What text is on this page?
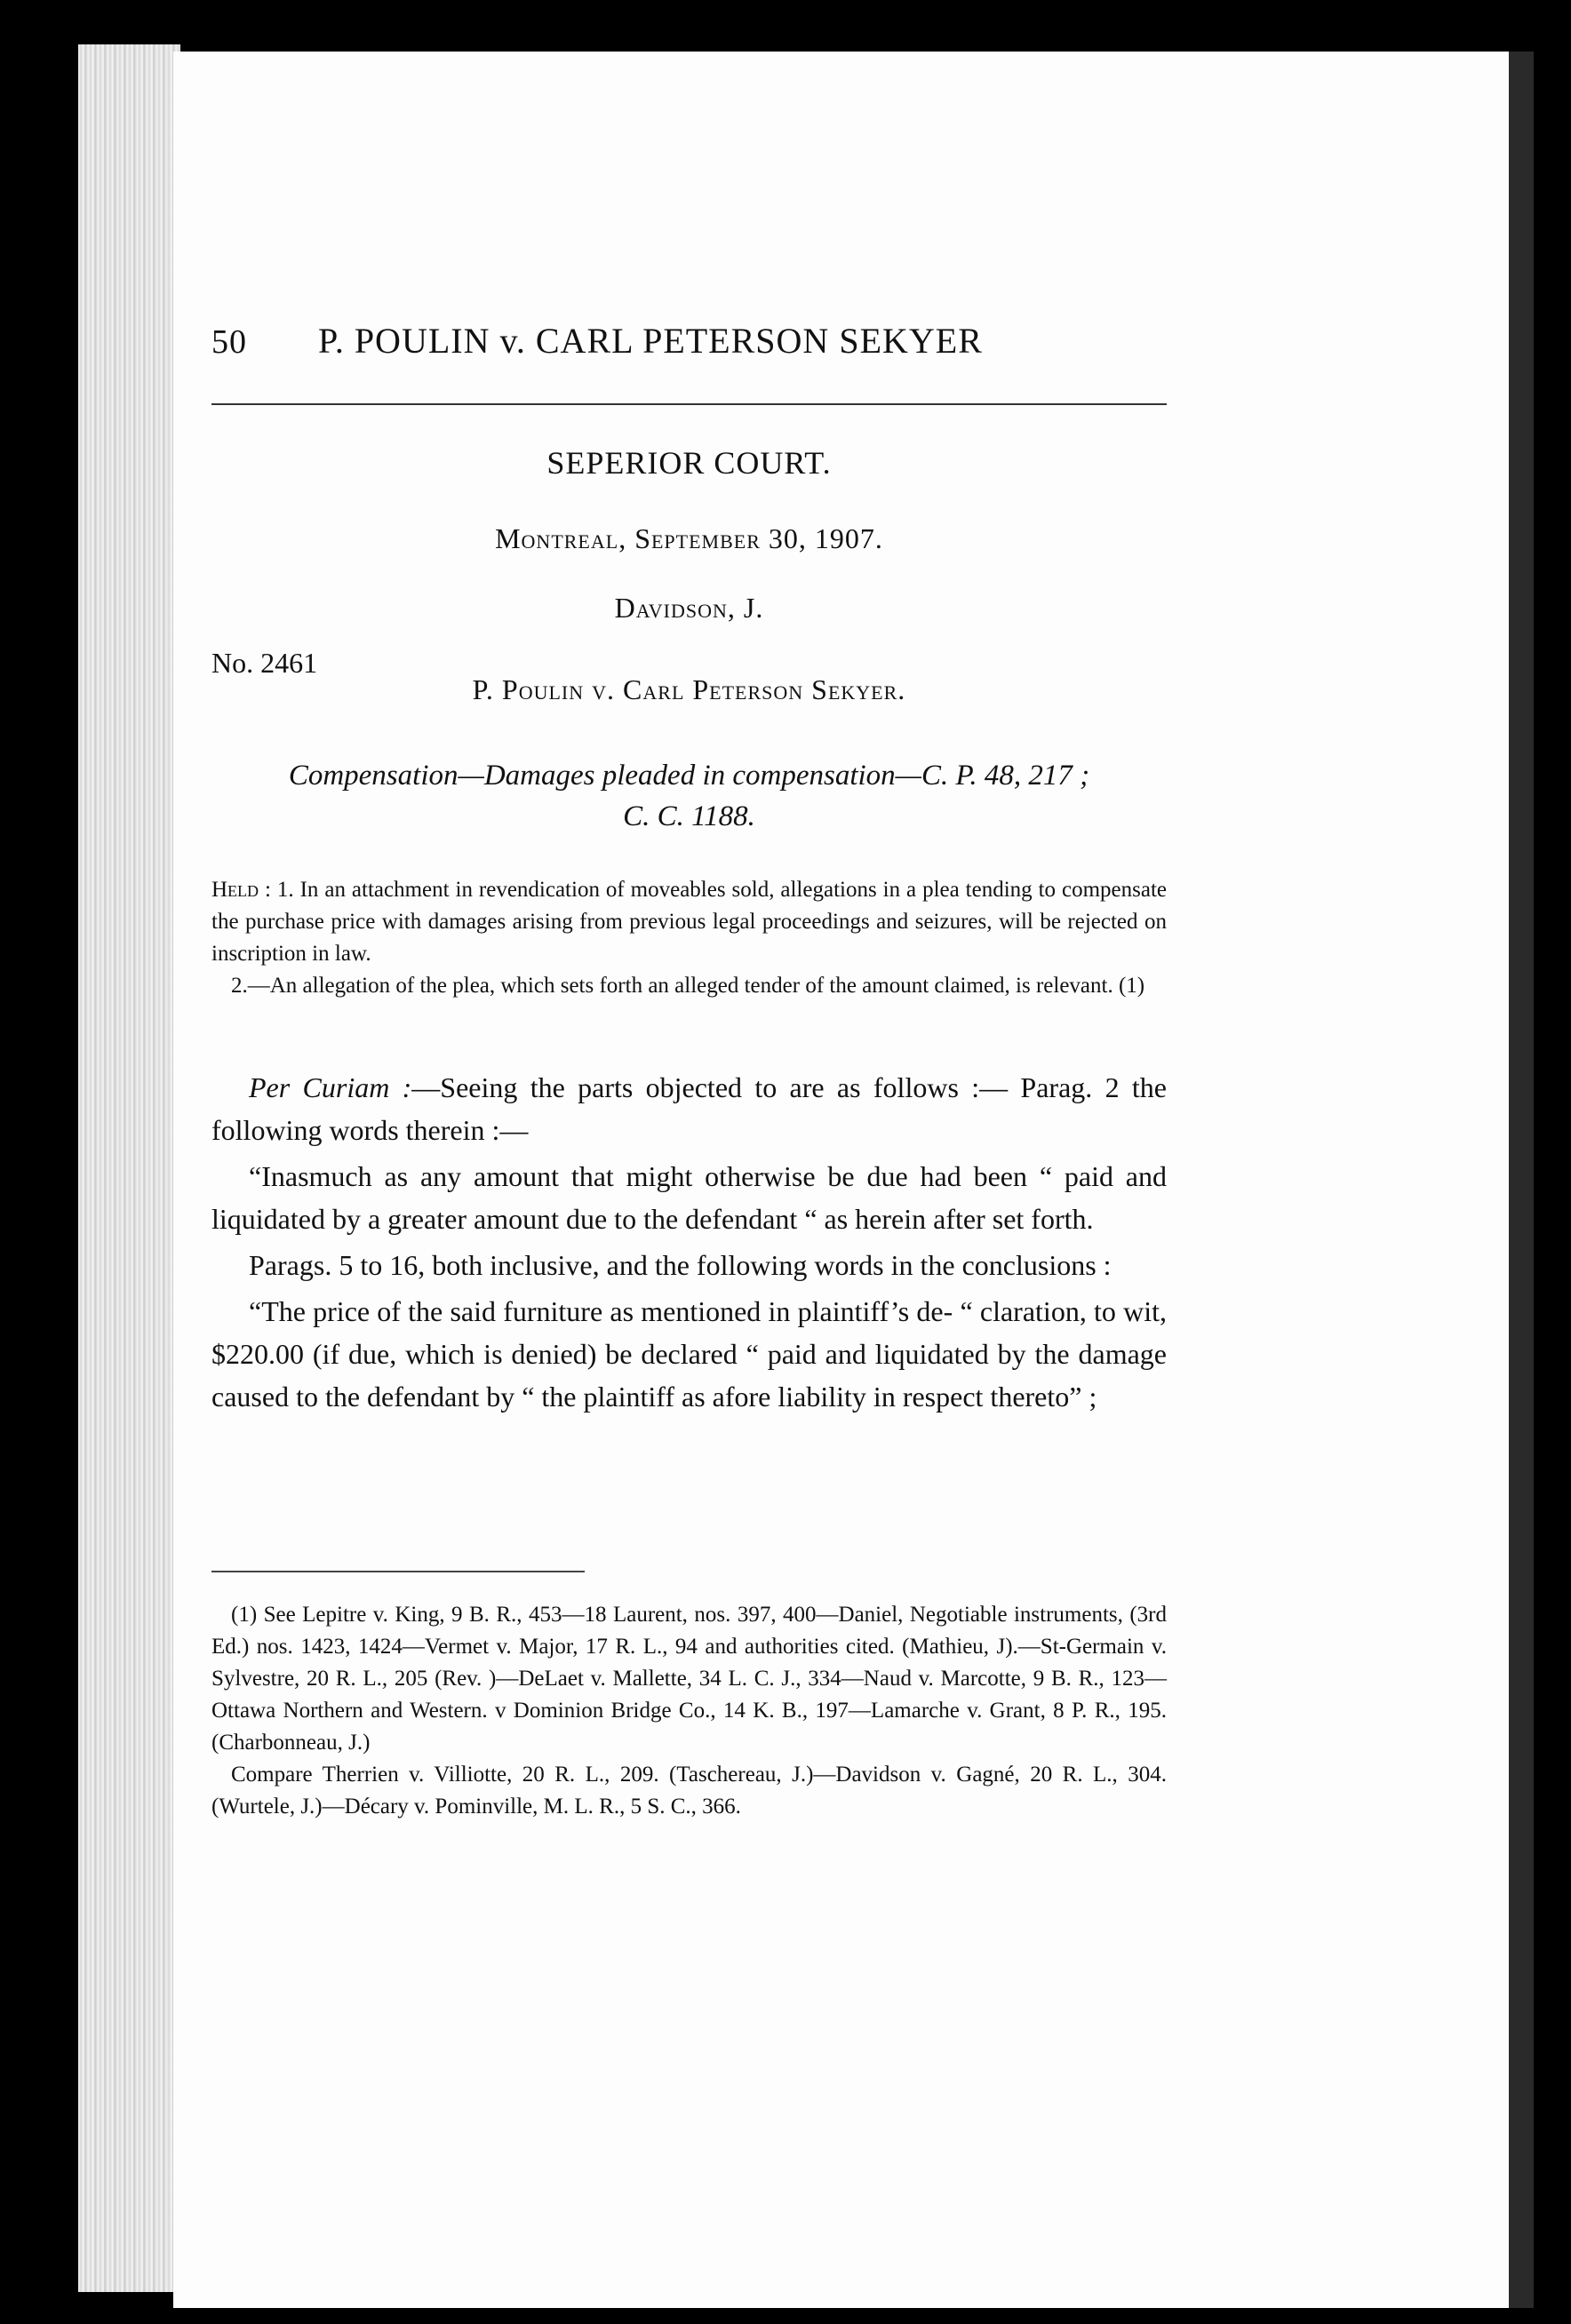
50	P. POULIN v. CARL PETERSON SEKYER
SEPERIOR COURT.
Montreal, September 30, 1907.
Davidson, J.
No. 2461
P. Poulin v. Carl Peterson Sekyer.
Compensation—Damages pleaded in compensation—C. P. 48, 217 ;
C. C. 1188.

Held : 1. In an attachment in revendication of moveables sold, allegations in a plea tending to compensate the purchase price with damages arising from previous legal proceedings and seizures, will be rejected on inscription in law.

2.—An allegation of the plea, which sets forth an alleged tender of the amount claimed, is relevant. (1)

Per Curiam :—Seeing the parts objected to are as follows :— Parag. 2 the following words therein :—

“Inasmuch as any amount that might otherwise be due had been “ paid and liquidated by a greater amount due to the defendant “ as herein after set forth.

Parags. 5 to 16, both inclusive, and the following words in the conclusions :

“The price of the said furniture as mentioned in plaintiff’s de- “ claration, to wit, $220.00 (if due, which is denied) be declared “ paid and liquidated by the damage caused to the defendant by “ the plaintiff as afore liability in respect thereto” ;

(1) See Lepitre v. King, 9 B. R., 453—18 Laurent, nos. 397, 400—Daniel, Negotiable instruments, (3rd Ed.) nos. 1423, 1424—Vermet v. Major, 17 R. L., 94 and authorities cited. (Mathieu, J).—St-Germain v. Sylvestre, 20 R. L., 205 (Rev. )—DeLaet v. Mallette, 34 L. C. J., 334—Naud v. Marcotte, 9 B. R., 123—Ottawa Northern and Western. v Dominion Bridge Co., 14 K. B., 197—Lamarche v. Grant, 8 P. R., 195. (Charbonneau, J.)

Compare Therrien v. Villiotte, 20 R. L., 209. (Taschereau, J.)—Davidson v. Gagné, 20 R. L., 304. (Wurtele, J.)—Décary v. Pominville, M. L. R., 5 S. C., 366.
